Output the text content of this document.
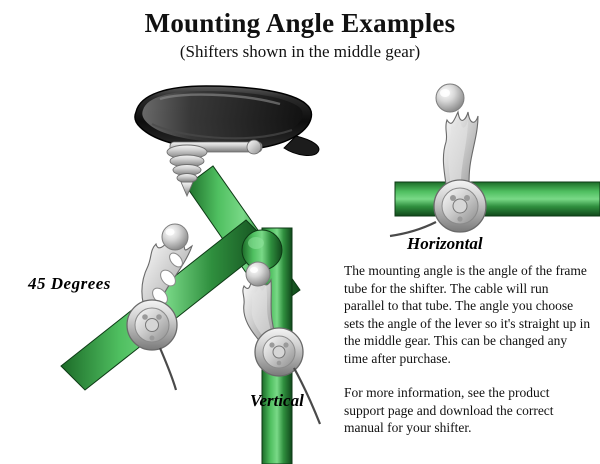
Mounting Angle Examples
(Shifters shown in the middle gear)
45 Degrees
Vertical
Horizontal
The mounting angle is the angle of the frame tube for the shifter. The cable will run parallel to that tube. The angle you choose sets the angle of the lever so it's straight up in the middle gear. This can be changed any time after purchase.
For more information, see the product support page and download the correct manual for your shifter.
